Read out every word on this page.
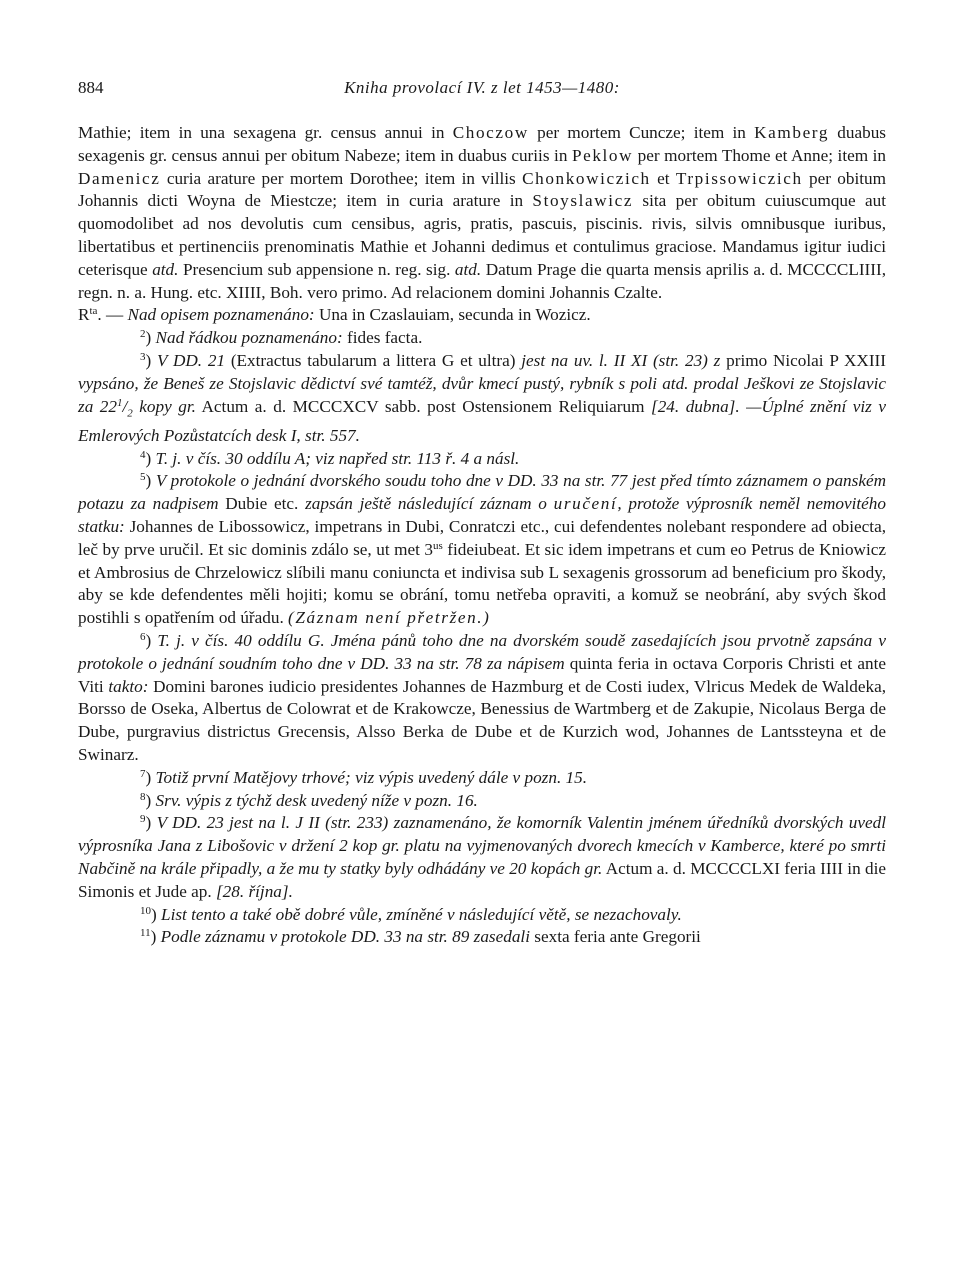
884	Kniha provolací IV. z let 1453—1480:

Mathie; item in una sexagena gr. census annui in Choczow per mortem Cuncze; item in Kamberg duabus sexagenis gr. census annui per obitum Nabeze; item in duabus curiis in Peklow per mortem Thome et Anne; item in Damenicz curia arature per mortem Dorothee; item in villis Chonkowiczich et Trpissowiczich per obitum Johannis dicti Woyna de Miestcze; item in curia arature in Stoyslawicz sita per obitum cuiuscumque aut quomodolibet ad nos devolutis cum censibus, agris, pratis, pascuis, piscinis. rivis, silvis omnibusque iuribus, libertatibus et pertinenciis prenominatis Mathie et Johanni dedimus et contulimus graciose. Mandamus igitur iudici ceterisque atd. Presencium sub appensione n. reg. sig. atd. Datum Prage die quarta mensis aprilis a. d. MCCCCLIIII, regn. n. a. Hung. etc. XIIII, Boh. vero primo. Ad relacionem domini Johannis Czalte.

$R^{ta}$. — Nad opisem poznamenáno: Una in Czaslauiam, secunda in Wozicz.

$^2$) Nad řádkou poznamenáno: fides facta.

$^3$) V DD. 21 (Extractus tabularum a littera G et ultra) jest na uv. l. II XI (str. 23) z primo Nicolai P XXIII vypsáno, že Beneš ze Stojslavic dědictví své tamtéž, dvůr kmecí pustý, rybník s poli atd. prodal Ješkovi ze Stojslavic za $22^1/_2$ kopy gr. Actum a. d. MCCCXCV sabb. post Ostensionem Reliquiarum [24. dubna]. —Úplné znění viz v Emlerových Pozůstatcích desk I, str. 557.

$^4$) T. j. v čís. 30 oddílu A; viz napřed str. 113 ř. 4 a násl.

$^5$) V protokole o jednání dvorského soudu toho dne v DD. 33 na str. 77 jest před tímto záznamem o panském potazu za nadpisem Dubie etc. zapsán ještě následující záznam o uručení, protože výprosník neměl nemovitého statku: Johannes de Libossowicz, impetrans in Dubi, Conratczi etc., cui defendentes nolebant respondere ad obiecta, leč by prve uručil. Et sic dominis zdálo se, ut met $3^{us}$ fideiubeat. Et sic idem impetrans et cum eo Petrus de Kniowicz et Ambrosius de Chrzelowicz slíbili manu coniuncta et indivisa sub L sexagenis grossorum ad beneficium pro škody, aby se kde defendentes měli hojiti; komu se obrání, tomu netřeba opraviti, a komuž se neobrání, aby svých škod postihli s opatřením od úřadu. (Záznam není přetržen.)

$^6$) T. j. v čís. 40 oddílu G. Jména pánů toho dne na dvorském soudě zasedajících jsou prvotně zapsána v protokole o jednání soudním toho dne v DD. 33 na str. 78 za nápisem quinta feria in octava Corporis Christi et ante Viti takto: Domini barones iudicio presidentes Johannes de Hazmburg et de Costi iudex, Vlricus Medek de Waldeka, Borsso de Oseka, Albertus de Colowrat et de Krakowcze, Benessius de Wartmberg et de Zakupie, Nicolaus Berga de Dube, purgravius districtus Grecensis, Alsso Berka de Dube et de Kurzich wod, Johannes de Lantssteyna et de Swinarz.

$^7$) Totiž první Matějovy trhové; viz výpis uvedený dále v pozn. 15.

$^8$) Srv. výpis z týchž desk uvedený níže v pozn. 16.

$^9$) V DD. 23 jest na l. J II (str. 233) zaznamenáno, že komorník Valentin jménem úředníků dvorských uvedl výprosníka Jana z Libošovic v držení 2 kop gr. platu na vyjmenovaných dvorech kmecích v Kamberce, které po smrti Nabčině na krále připadly, a že mu ty statky byly odhádány ve 20 kopách gr. Actum a. d. MCCCCLXI feria IIII in die Simonis et Jude ap. [28. října].

$^{10}$) List tento a také obě dobré vůle, zmíněné v následující větě, se nezachovaly.

$^{11}$) Podle záznamu v protokole DD. 33 na str. 89 zasedali sexta feria ante Gregorii
